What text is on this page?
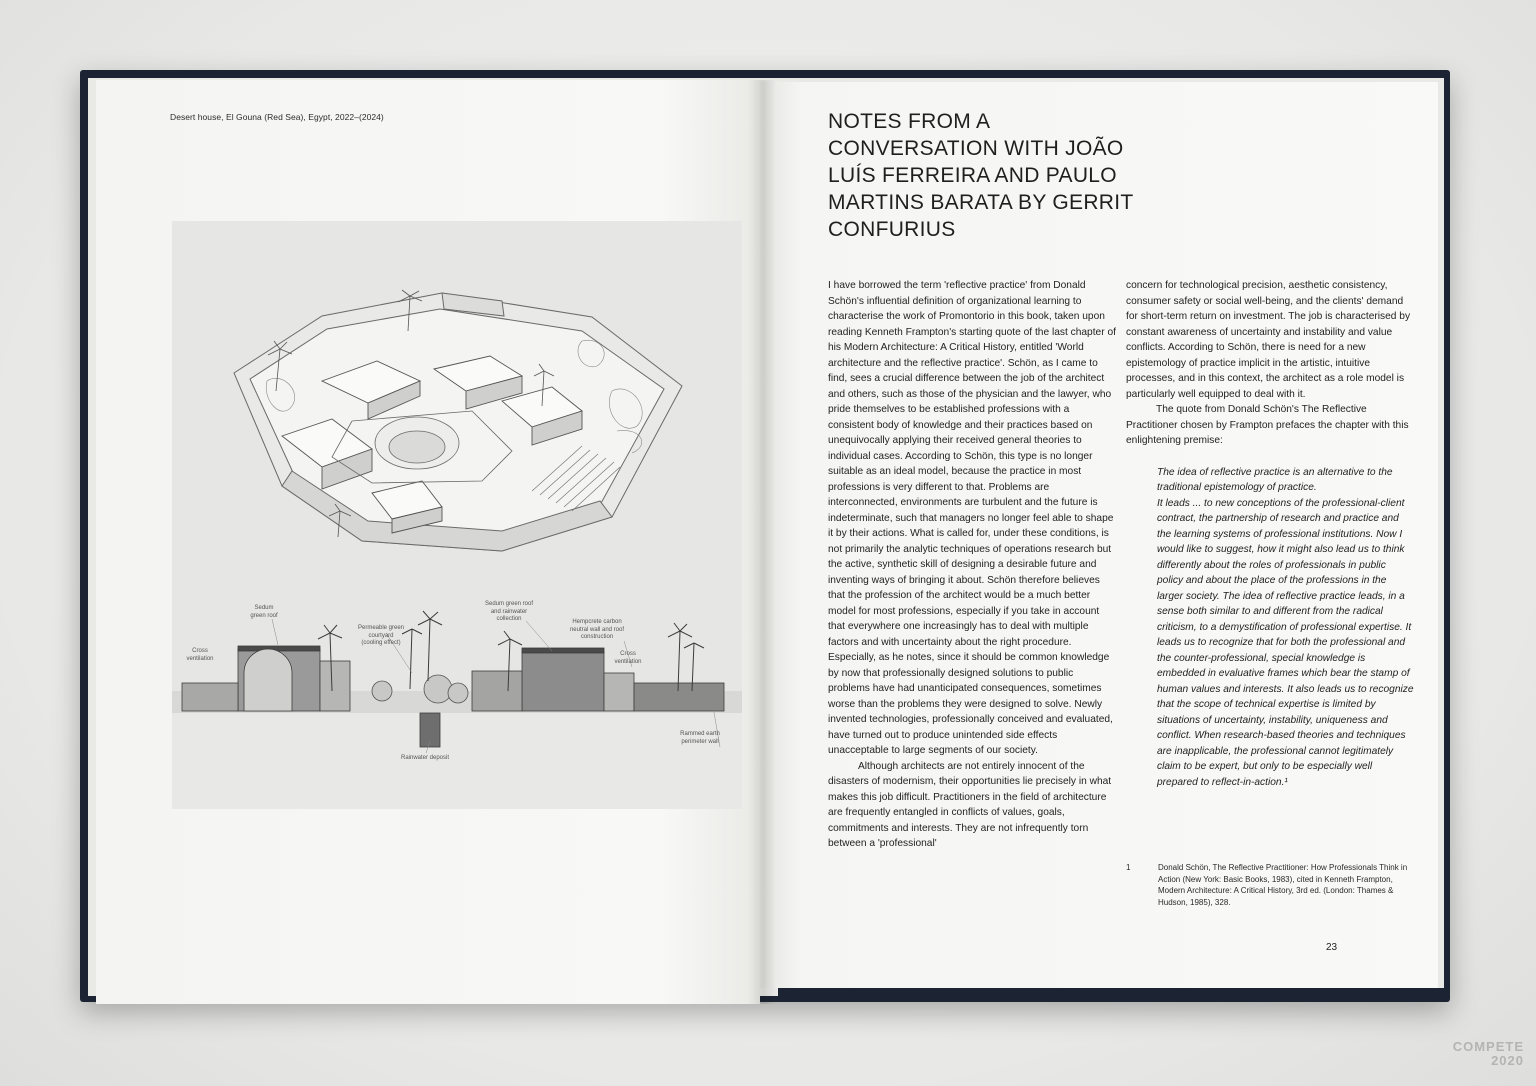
Desert house, El Gouna (Red Sea), Egypt, 2022–(2024)
Sedum
green roof
Cross
ventilation
Permeable green
courtyard
(cooling effect)
Sedum green roof
and rainwater
collection	Hempcrete carbon
neutral wall and roof
construction
Cross
ventilation
Rainwater deposit
Rammed earth
perimeter wall
NOTES FROM A CONVERSATION WITH JOÃO LUÍS FERREIRA AND PAULO MARTINS BARATA BY GERRIT CONFURIUS

I have borrowed the term 'reflective practice' from Donald Schön's influential definition of organizational learning to characterise the work of Promontorio in this book, taken upon reading Kenneth Frampton's starting quote of the last chapter of his Modern Architecture: A Critical History, entitled 'World architecture and the reflective practice'. Schön, as I came to find, sees a crucial difference between the job of the architect and others, such as those of the physician and the lawyer, who pride themselves to be established professions with a consistent body of knowledge and their practices based on unequivocally applying their received general theories to individual cases. According to Schön, this type is no longer suitable as an ideal model, because the practice in most professions is very different to that. Problems are interconnected, environments are turbulent and the future is indeterminate, such that managers no longer feel able to shape it by their actions. What is called for, under these conditions, is not primarily the analytic techniques of operations research but the active, synthetic skill of designing a desirable future and inventing ways of bringing it about. Schön therefore believes that the profession of the architect would be a much better model for most professions, especially if you take in account that everywhere one increasingly has to deal with multiple factors and with uncertainty about the right procedure. Especially, as he notes, since it should be common knowledge by now that professionally designed solutions to public problems have had unanticipated consequences, sometimes worse than the problems they were designed to solve. Newly invented technologies, professionally conceived and evaluated, have turned out to produce unintended side effects unacceptable to large segments of our society.

Although architects are not entirely innocent of the disasters of modernism, their opportunities lie precisely in what makes this job difficult. Practitioners in the field of architecture are frequently entangled in conflicts of values, goals, commitments and interests. They are not infrequently torn between a 'professional'

concern for technological precision, aesthetic consistency, consumer safety or social well-being, and the clients' demand for short-term return on investment. The job is characterised by constant awareness of uncertainty and instability and value conflicts. According to Schön, there is need for a new epistemology of practice implicit in the artistic, intuitive processes, and in this context, the architect as a role model is particularly well equipped to deal with it.

The quote from Donald Schön's The Reflective Practitioner chosen by Frampton prefaces the chapter with this enlightening premise:

The idea of reflective practice is an alternative to the traditional epistemology of practice.

It leads ... to new conceptions of the professional-client contract, the partnership of research and practice and the learning systems of professional institutions. Now I would like to suggest, how it might also lead us to think differently about the roles of professionals in public policy and about the place of the professions in the larger society. The idea of reflective practice leads, in a sense both similar to and different from the radical criticism, to a demystification of professional expertise. It leads us to recognize that for both the professional and the counter-professional, special knowledge is embedded in evaluative frames which bear the stamp of human values and interests. It also leads us to recognize that the scope of technical expertise is limited by situations of uncertainty, instability, uniqueness and conflict. When research-based theories and techniques are inapplicable, the professional cannot legitimately claim to be expert, but only to be especially well prepared to reflect-in-action.¹

1	Donald Schön, The Reflective Practitioner: How Professionals Think in Action (New York: Basic Books, 1983), cited in Kenneth Frampton, Modern Architecture: A Critical History, 3rd ed. (London: Thames & Hudson, 1985), 328.
23
COMPETE
2020
